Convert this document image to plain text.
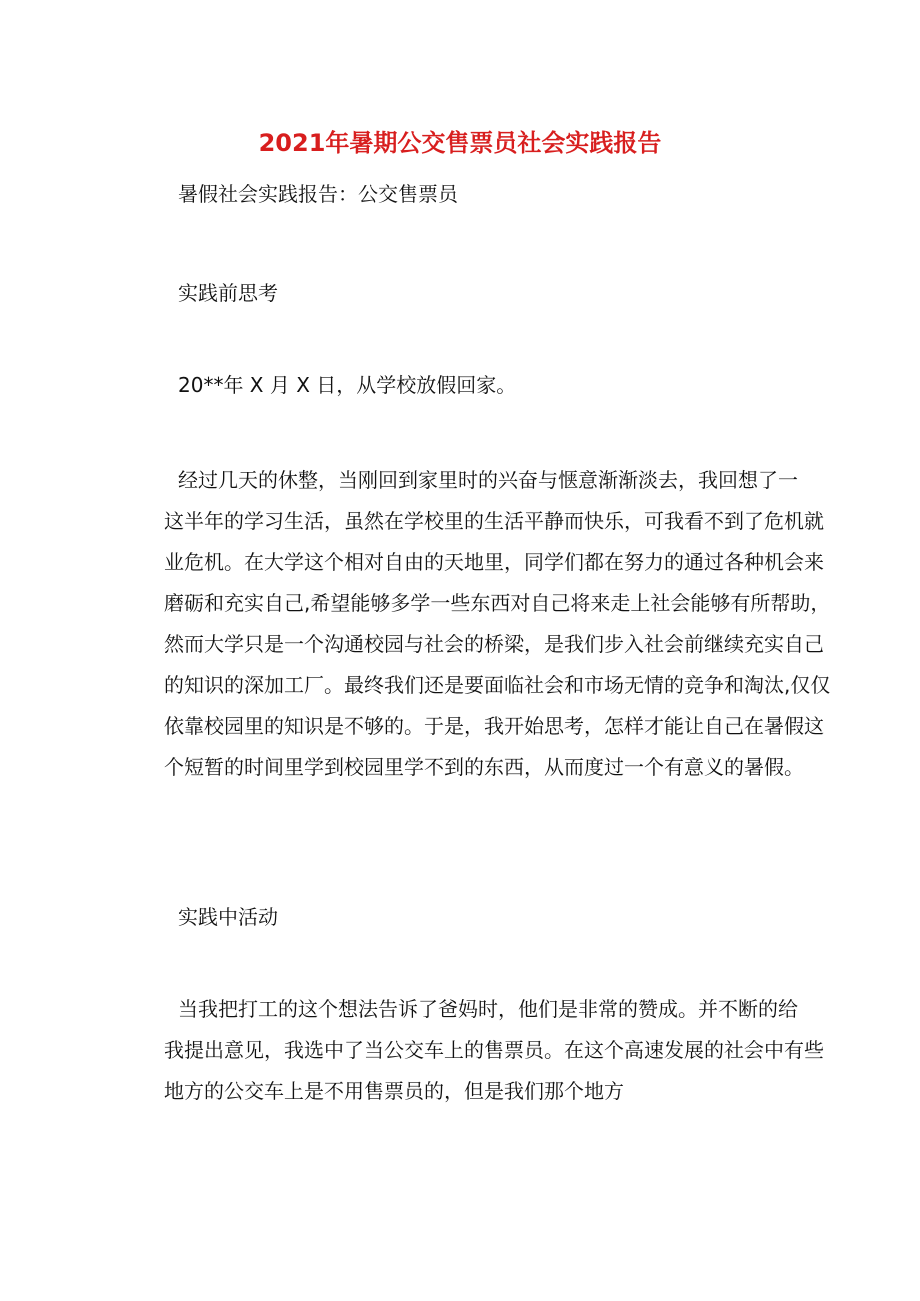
2021年暑期公交售票员社会实践报告
暑假社会实践报告：公交售票员
实践前思考
20**年 X 月 X 日，从学校放假回家。
经过几天的休整，当刚回到家里时的兴奋与惬意渐渐淡去，我回想了一
这半年的学习生活，虽然在学校里的生活平静而快乐，可我看不到了危机就
业危机。在大学这个相对自由的天地里，同学们都在努力的通过各种机会来
磨砺和充实自己,希望能够多学一些东西对自己将来走上社会能够有所帮助，
然而大学只是一个沟通校园与社会的桥梁，是我们步入社会前继续充实自己
的知识的深加工厂。最终我们还是要面临社会和市场无情的竞争和淘汰,仅仅
依靠校园里的知识是不够的。于是，我开始思考，怎样才能让自己在暑假这
个短暂的时间里学到校园里学不到的东西，从而度过一个有意义的暑假。
实践中活动
当我把打工的这个想法告诉了爸妈时，他们是非常的赞成。并不断的给
我提出意见，我选中了当公交车上的售票员。在这个高速发展的社会中有些
地方的公交车上是不用售票员的，但是我们那个地方
